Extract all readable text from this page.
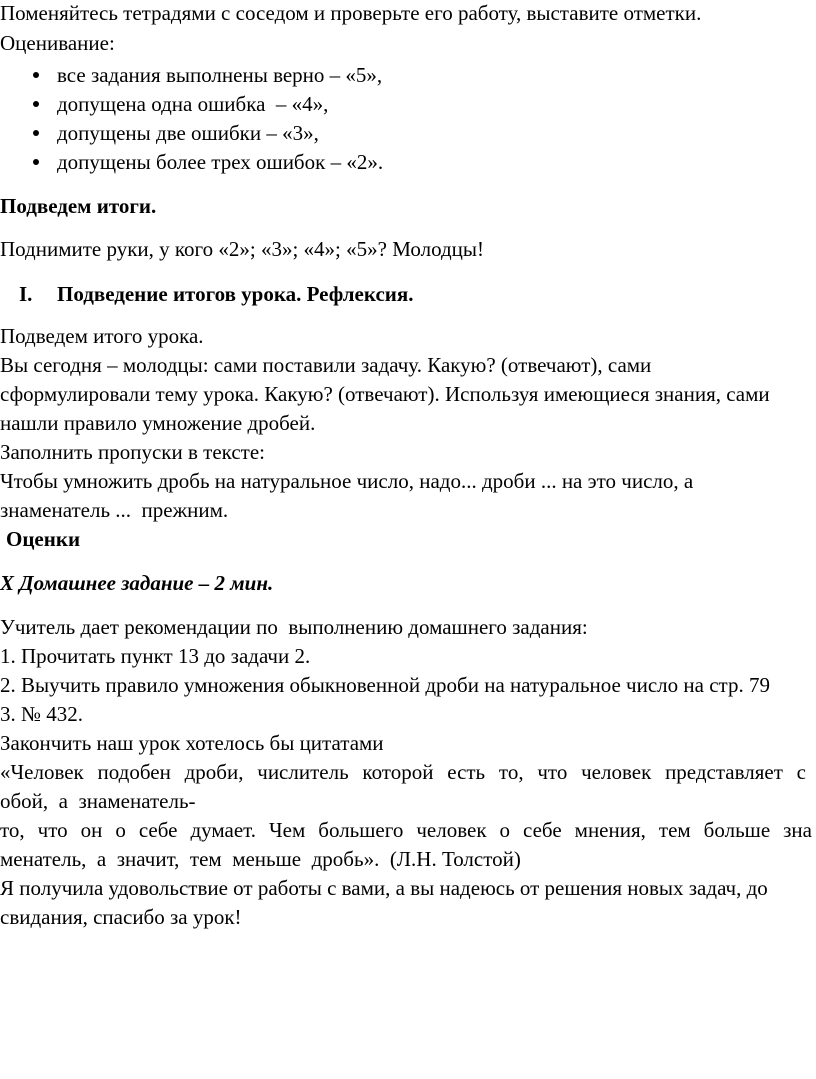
Поменяйтесь тетрадями с соседом и проверьте его работу, выставите отметки.
Оценивание:
все задания выполнены верно – «5»,
допущена одна ошибка  – «4»,
допущены две ошибки – «3»,
допущены более трех ошибок – «2».
Подведем итоги.
Поднимите руки, у кого «2»; «3»; «4»; «5»? Молодцы!
I. Подведение итогов урока. Рефлексия.
Подведем итого урока.
Вы сегодня – молодцы: сами поставили задачу. Какую? (отвечают), сами
сформулировали тему урока. Какую? (отвечают). Используя имеющиеся знания, сами
нашли правило умножение дробей.
Заполнить пропуски в тексте:
Чтобы умножить дробь на натуральное число, надо... дроби ... на это число, а
знаменатель ...  прежним.
Оценки
X Домашнее задание – 2 мин.
Учитель дает рекомендации по  выполнению домашнего задания:
1. Прочитать пункт 13 до задачи 2.
2. Выучить правило умножения обыкновенной дроби на натуральное число на стр. 79
3. № 432.
Закончить наш урок хотелось бы цитатами
«Человек подобен дроби, числитель которой есть то, что человек представляет с
обой,  а  знаменатель-
то, что он о себе думает. Чем большего человек о себе мнения, тем больше зна
менатель,  а  значит,  тем  меньше  дробь».  (Л.Н. Толстой)
Я получила удовольствие от работы с вами, а вы надеюсь от решения новых задач, до
свидания, спасибо за урок!
